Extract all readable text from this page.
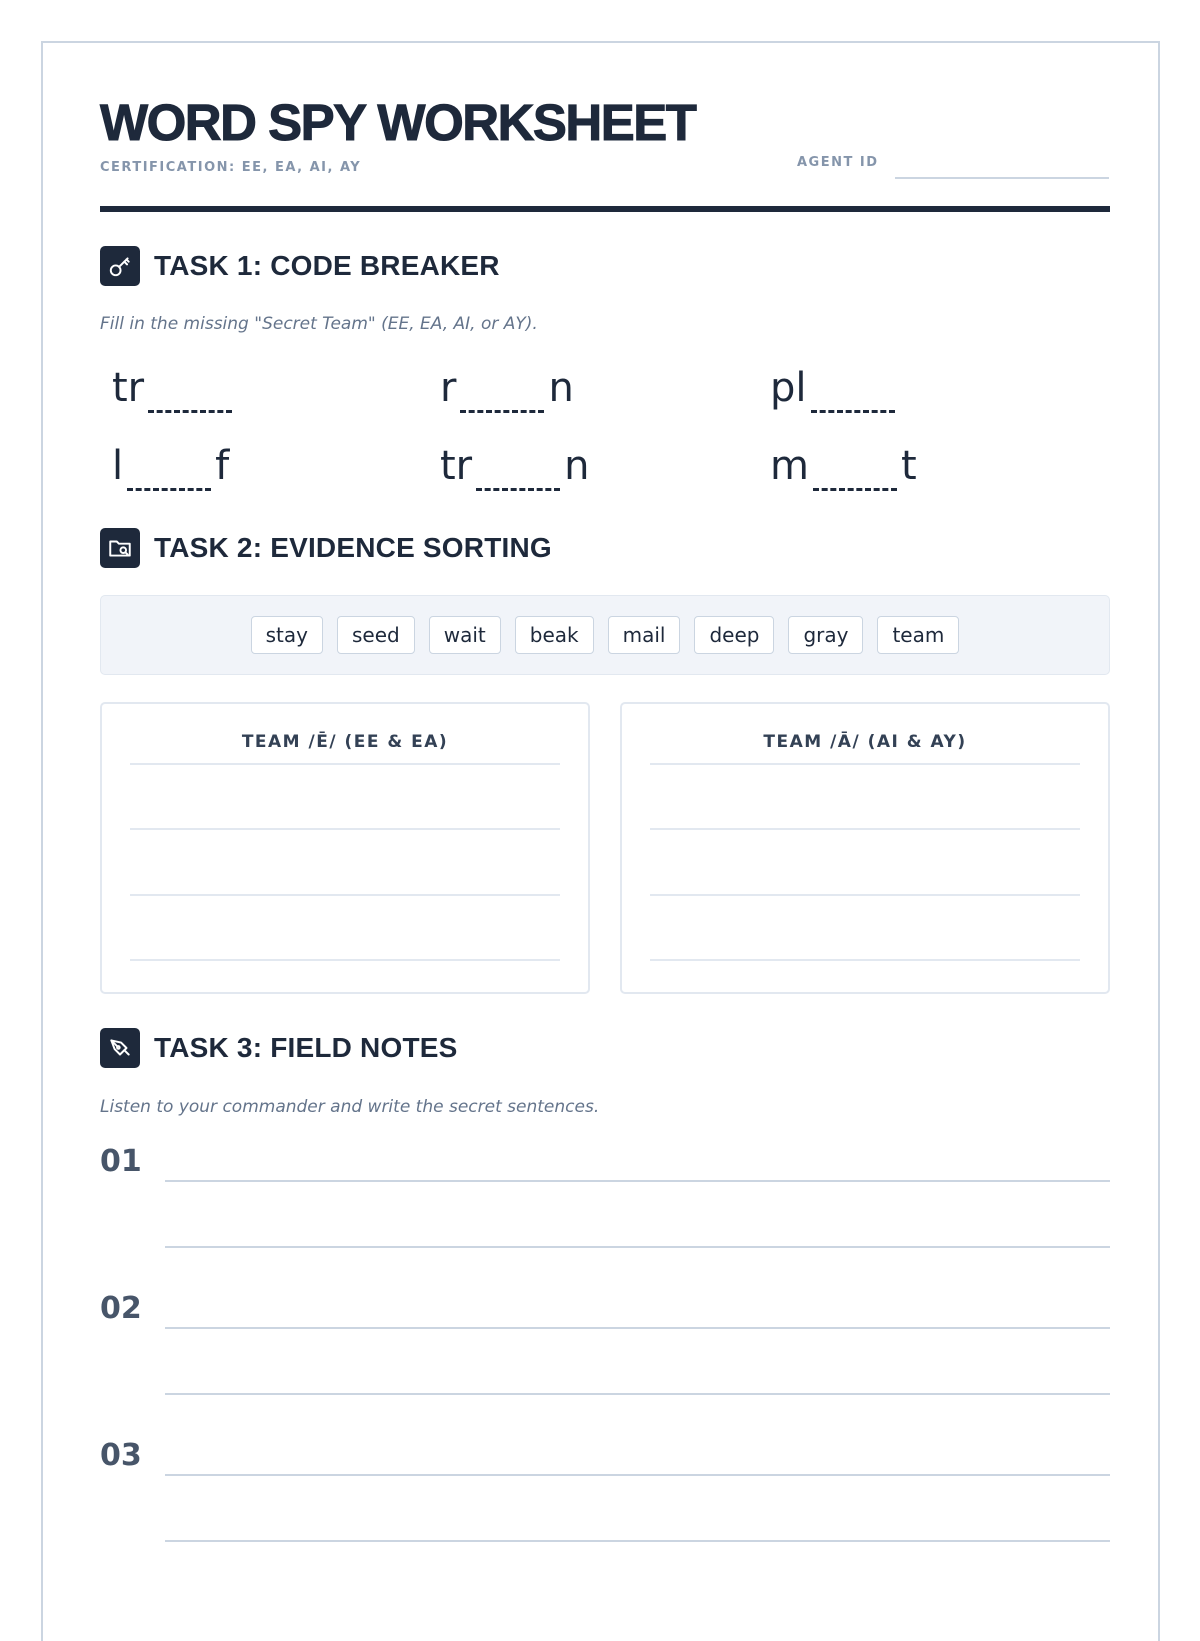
WORD SPY WORKSHEET
CERTIFICATION: EE, EA, AI, AY	AGENT ID
TASK 1: CODE BREAKER
Fill in the missing "Secret Team" (EE, EA, AI, or AY).
tr	r n	pl
l f	tr n	m t
TASK 2: EVIDENCE SORTING
stay	seed	wait	beak	mail	deep	gray	team
TEAM /Ē/ (EE & EA)	TEAM /Ā/ (AI & AY)
TASK 3: FIELD NOTES
Listen to your commander and write the secret sentences.
01
02
03
